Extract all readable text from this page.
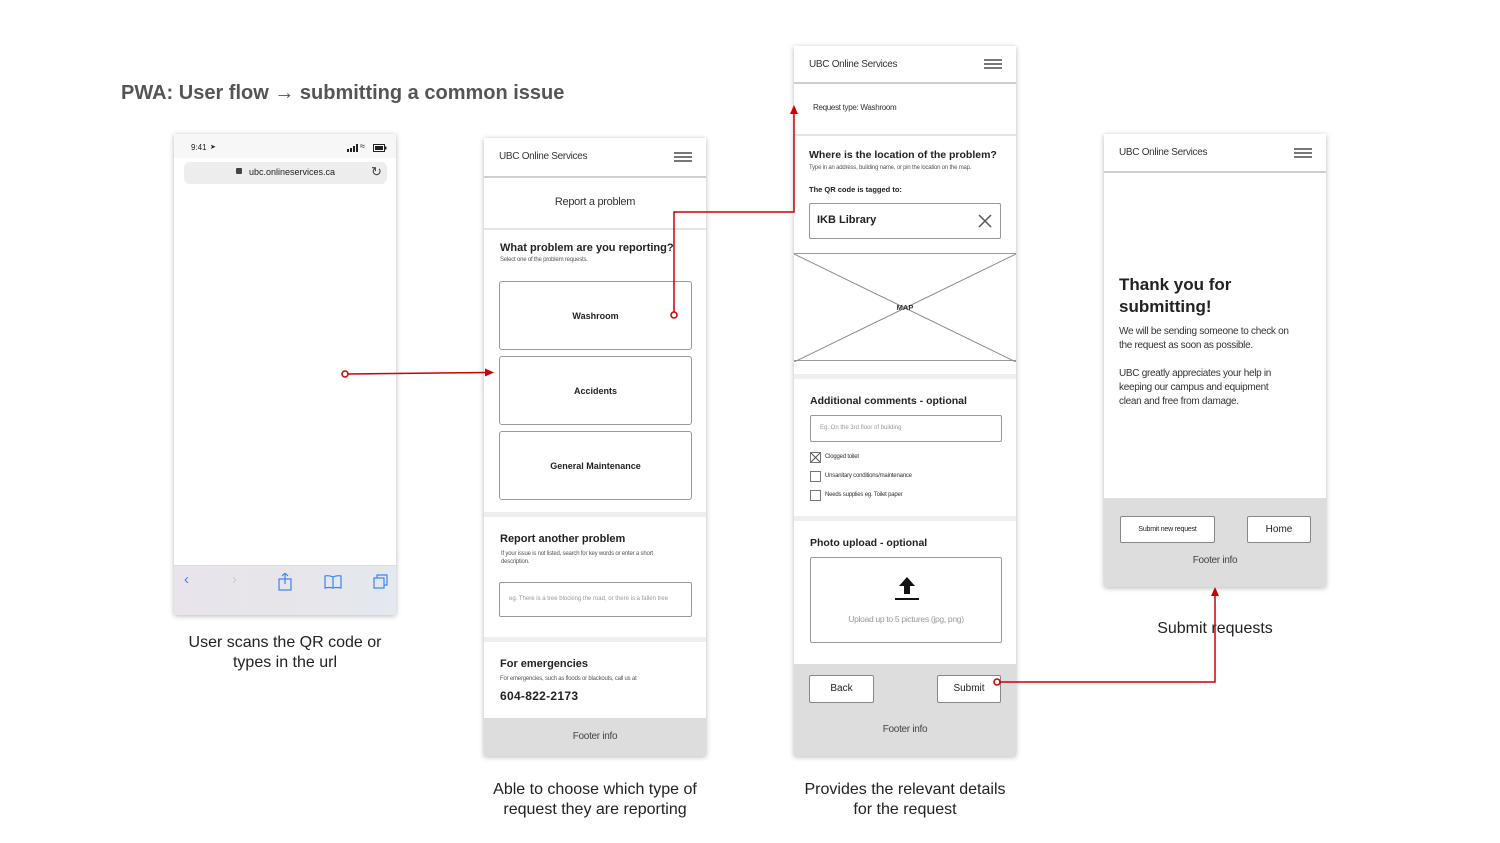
PWA: User flow → submitting a common issue
9:41 ➤	≈
ubc.onlineservices.ca	↻
‹	›
User scans the QR code or
types in the url
UBC Online Services
Report a problem
What problem are you reporting?
Select one of the problem requests.
Washroom
Accidents
General Maintenance
Report another problem
If your issue is not listed, search for key words or enter a short
description.
eg. There is a tree blocking the road, or there is a fallen tree
For emergencies
For emergencies, such as floods or blackouts, call us at
604-822-2173
Footer info
Able to choose which type of
request they are reporting
UBC Online Services
Request type: Washroom
Where is the location of the problem?
Type in an address, building name, or pin the location on the map.
The QR code is tagged to:
IKB Library
MAP
Additional comments - optional
Eg. On the 3rd floor of building
Clogged toilet
Unsanitary conditions/maintenance
Needs supplies eg. Toilet paper
Photo upload - optional
Upload up to 5 pictures (jpg, png)
Back	Submit
Footer info
Provides the relevant details
for the request
UBC Online Services
Thank you for
submitting!
We will be sending someone to check on
the request as soon as possible.
UBC greatly appreciates your help in
keeping our campus and equipment
clean and free from damage.
Submit new request	Home
Footer info
Submit requests
